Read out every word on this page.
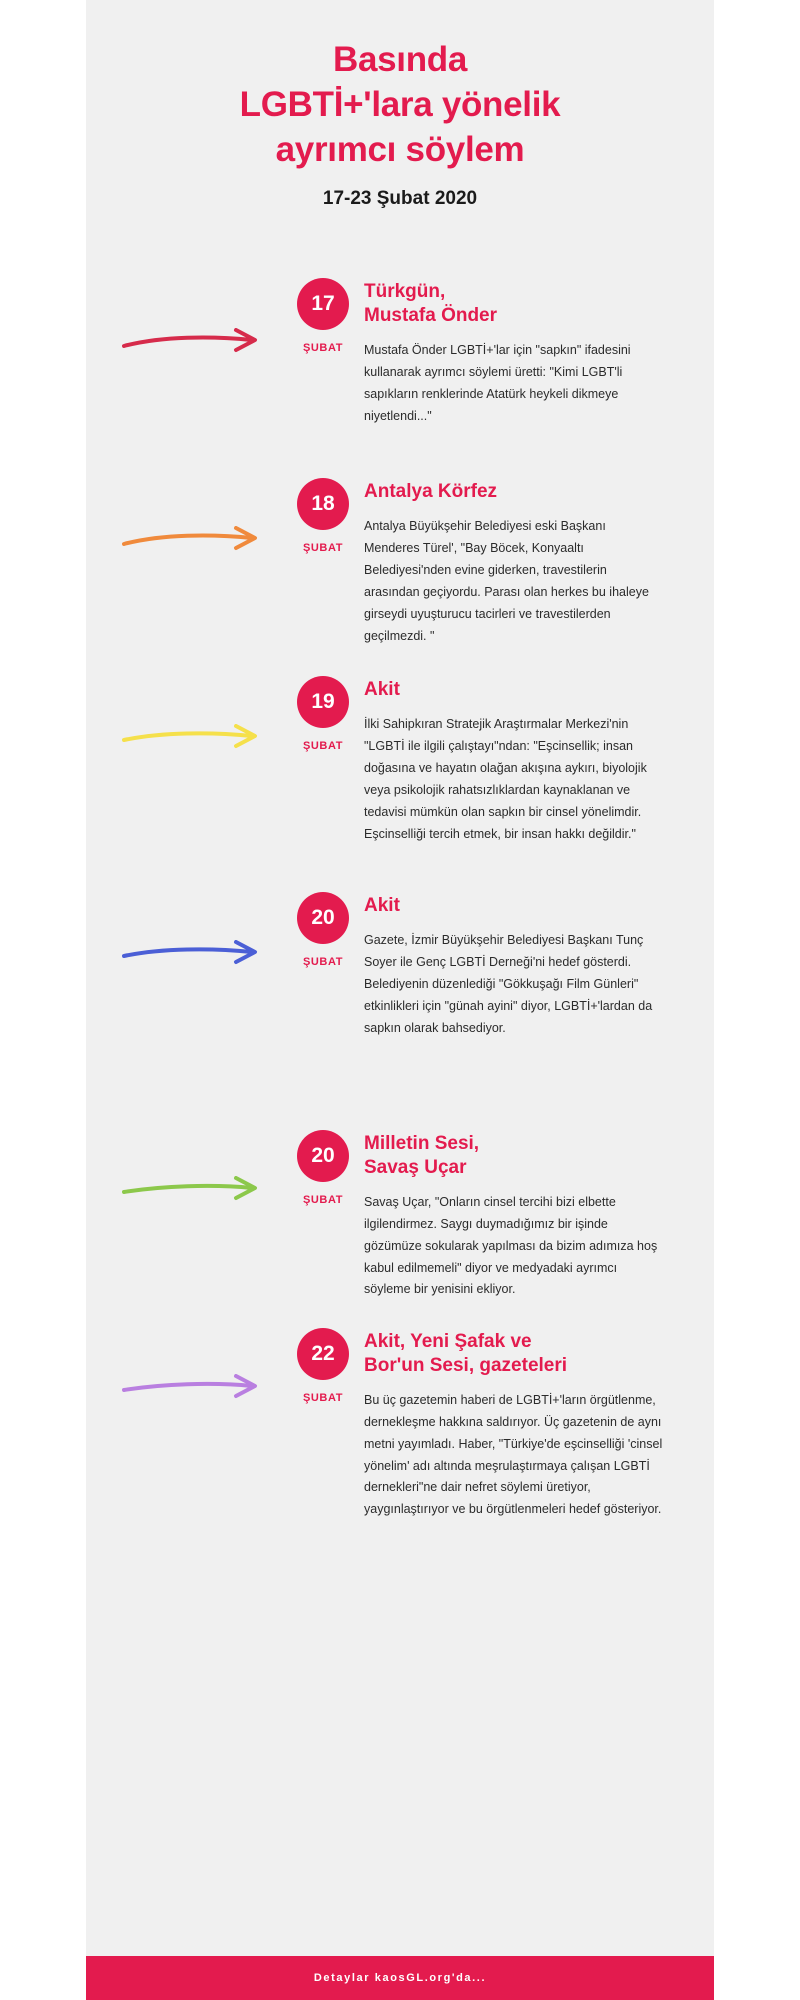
Basında
LGBTİ+'lara yönelik
ayrımcı söylem
17-23 Şubat 2020
17
ŞUBAT

Türkgün,
Mustafa Önder

Mustafa Önder LGBTİ+'lar için "sapkın" ifadesini kullanarak ayrımcı söylemi üretti: "Kimi LGBT'li sapıkların renklerinde Atatürk heykeli dikmeye niyetlendi..."

18
ŞUBAT

Antalya Körfez

Antalya Büyükşehir Belediyesi eski Başkanı Menderes Türel', "Bay Böcek, Konyaaltı Belediyesi'nden evine giderken, travestilerin arasından geçiyordu. Parası olan herkes bu ihaleye girseydi uyuşturucu tacirleri ve travestilerden geçilmezdi. "

19
ŞUBAT

Akit

İlki Sahipkıran Stratejik Araştırmalar Merkezi'nin "LGBTİ ile ilgili çalıştayı"ndan: "Eşcinsellik; insan doğasına ve hayatın olağan akışına aykırı, biyolojik veya psikolojik rahatsızlıklardan kaynaklanan ve tedavisi mümkün olan sapkın bir cinsel yönelimdir. Eşcinselliği tercih etmek, bir insan hakkı değildir."

20
ŞUBAT

Akit

Gazete, İzmir Büyükşehir Belediyesi Başkanı Tunç Soyer ile Genç LGBTİ Derneği'ni hedef gösterdi. Belediyenin düzenlediği "Gökkuşağı Film Günleri" etkinlikleri için "günah ayini" diyor, LGBTİ+'lardan da sapkın olarak bahsediyor.

20
ŞUBAT

Milletin Sesi,
Savaş Uçar

Savaş Uçar, "Onların cinsel tercihi bizi elbette ilgilendirmez. Saygı duymadığımız bir işinde gözümüze sokularak yapılması da bizim adımıza hoş kabul edilmemeli" diyor ve medyadaki ayrımcı söyleme bir yenisini ekliyor.

22
ŞUBAT

Akit, Yeni Şafak ve
Bor'un Sesi, gazeteleri

Bu üç gazetemin haberi de LGBTİ+'ların örgütlenme, dernekleşme hakkına saldırıyor. Üç gazetenin de aynı metni yayımladı. Haber, "Türkiye'de eşcinselliği 'cinsel yönelim' adı altında meşrulaştırmaya çalışan LGBTİ dernekleri"ne dair nefret söylemi üretiyor, yaygınlaştırıyor ve bu örgütlenmeleri hedef gösteriyor.

Detaylar kaosGL.org'da...
